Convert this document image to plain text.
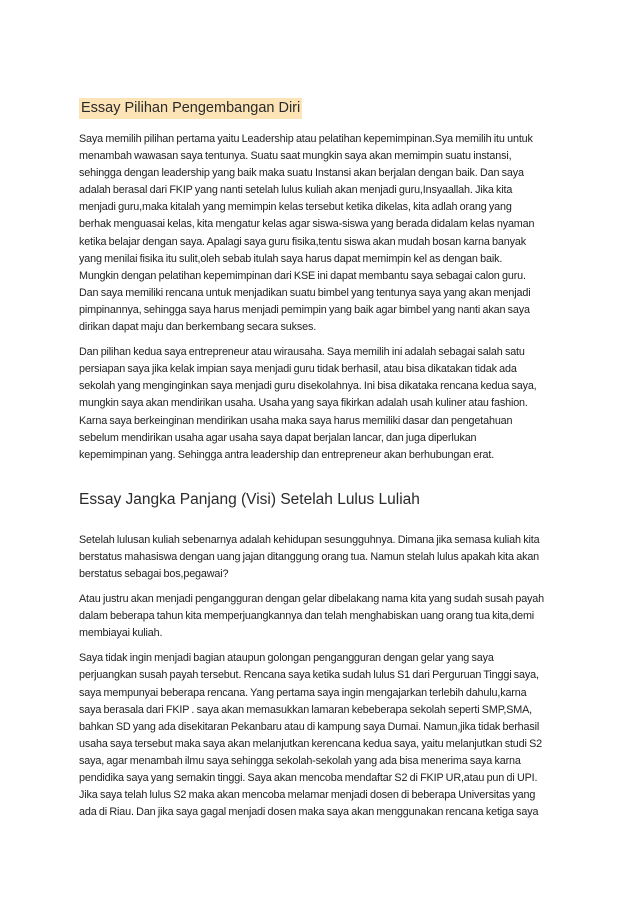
Essay Pilihan Pengembangan Diri

Saya memilih pilihan pertama yaitu Leadership atau pelatihan kepemimpinan.Sya memilih itu untuk
menambah wawasan saya tentunya. Suatu saat mungkin saya akan memimpin suatu instansi,
sehingga dengan leadership yang baik maka suatu Instansi akan berjalan dengan baik. Dan saya
adalah berasal dari FKIP yang nanti setelah lulus kuliah akan menjadi guru,Insyaallah. Jika kita
menjadi guru,maka kitalah yang memimpin kelas tersebut ketika dikelas, kita adlah orang yang
berhak menguasai kelas, kita mengatur kelas agar siswa-siswa yang berada didalam kelas nyaman
ketika belajar dengan saya. Apalagi saya guru fisika,tentu siswa akan mudah bosan karna banyak
yang menilai fisika itu sulit,oleh sebab itulah saya harus dapat memimpin kel as dengan baik.
Mungkin dengan pelatihan kepemimpinan dari KSE ini dapat membantu saya sebagai calon guru.
Dan saya memiliki rencana untuk menjadikan suatu bimbel yang tentunya saya yang akan menjadi
pimpinannya, sehingga saya harus menjadi pemimpin yang baik agar bimbel yang nanti akan saya
dirikan dapat maju dan berkembang secara sukses.

Dan pilihan kedua saya entrepreneur atau wirausaha. Saya memilih ini adalah sebagai salah satu
persiapan saya jika kelak impian saya menjadi guru tidak berhasil, atau bisa dikatakan tidak ada
sekolah yang menginginkan saya menjadi guru disekolahnya. Ini bisa dikataka rencana kedua saya,
mungkin saya akan mendirikan usaha. Usaha yang saya fikirkan adalah usah kuliner atau fashion.
Karna saya berkeinginan mendirikan usaha maka saya harus memiliki dasar dan pengetahuan
sebelum mendirikan usaha agar usaha saya dapat berjalan lancar, dan juga diperlukan
kepemimpinan yang. Sehingga antra leadership dan entrepreneur akan berhubungan erat.

Essay Jangka Panjang (Visi) Setelah Lulus Luliah

Setelah lulusan kuliah sebenarnya adalah kehidupan sesungguhnya. Dimana jika semasa kuliah kita
berstatus mahasiswa dengan uang jajan ditanggung orang tua. Namun stelah lulus apakah kita akan
berstatus sebagai bos,pegawai?

Atau justru akan menjadi pengangguran dengan gelar dibelakang nama kita yang sudah susah payah
dalam beberapa tahun kita memperjuangkannya dan telah menghabiskan uang orang tua kita,demi
membiayai kuliah.

Saya tidak ingin menjadi bagian ataupun golongan pengangguran dengan gelar yang saya
perjuangkan susah payah tersebut. Rencana saya ketika sudah lulus S1 dari Perguruan Tinggi saya,
saya mempunyai beberapa rencana. Yang pertama saya ingin mengajarkan terlebih dahulu,karna
saya berasala dari FKIP . saya akan memasukkan lamaran kebeberapa sekolah seperti SMP,SMA,
bahkan SD yang ada disekitaran Pekanbaru atau di kampung saya Dumai. Namun,jika tidak berhasil
usaha saya tersebut maka saya akan melanjutkan kerencana kedua saya, yaitu melanjutkan studi S2
saya, agar menambah ilmu saya sehingga sekolah-sekolah yang ada bisa menerima saya karna
pendidika saya yang semakin tinggi. Saya akan mencoba mendaftar S2 di FKIP UR,atau pun di UPI.
Jika saya telah lulus S2 maka akan mencoba melamar menjadi dosen di beberapa Universitas yang
ada di Riau. Dan jika saya gagal menjadi dosen maka saya akan menggunakan rencana ketiga saya
